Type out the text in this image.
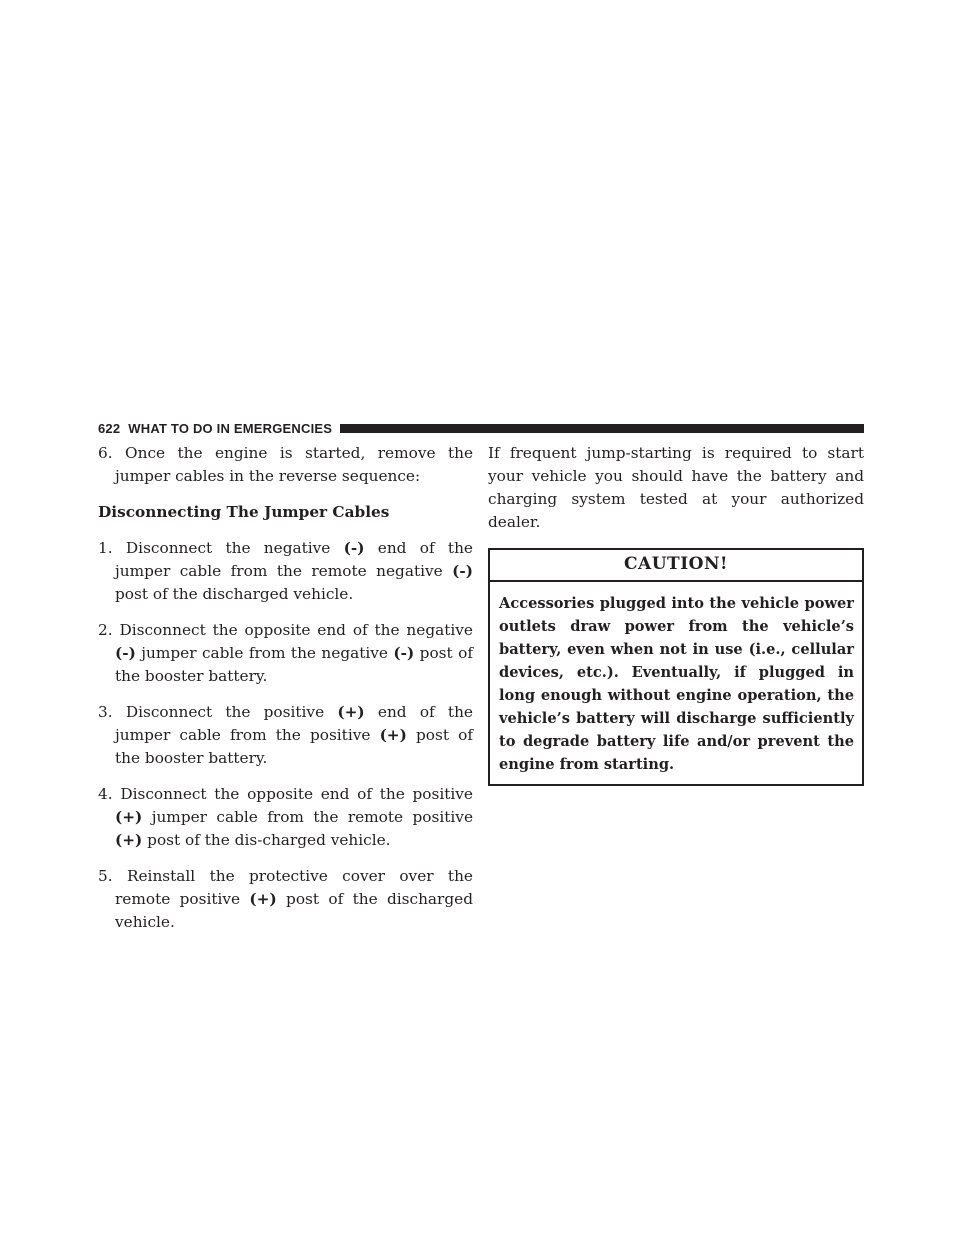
622 WHAT TO DO IN EMERGENCIES

6. Once the engine is started, remove the jumper cables in the reverse sequence:

Disconnecting The Jumper Cables

1. Disconnect the negative (-) end of the jumper cable from the remote negative (-) post of the discharged vehicle.

2. Disconnect the opposite end of the negative (-) jumper cable from the negative (-) post of the booster battery.

3. Disconnect the positive (+) end of the jumper cable from the positive (+) post of the booster battery.

4. Disconnect the opposite end of the positive (+) jumper cable from the remote positive (+) post of the dis-charged vehicle.

5. Reinstall the protective cover over the remote positive (+) post of the discharged vehicle.

If frequent jump-starting is required to start your vehicle you should have the battery and charging system tested at your authorized dealer.

CAUTION!
Accessories plugged into the vehicle power outlets draw power from the vehicle’s battery, even when not in use (i.e., cellular devices, etc.). Eventually, if plugged in long enough without engine operation, the vehicle’s battery will discharge sufficiently to degrade battery life and/or prevent the engine from starting.
